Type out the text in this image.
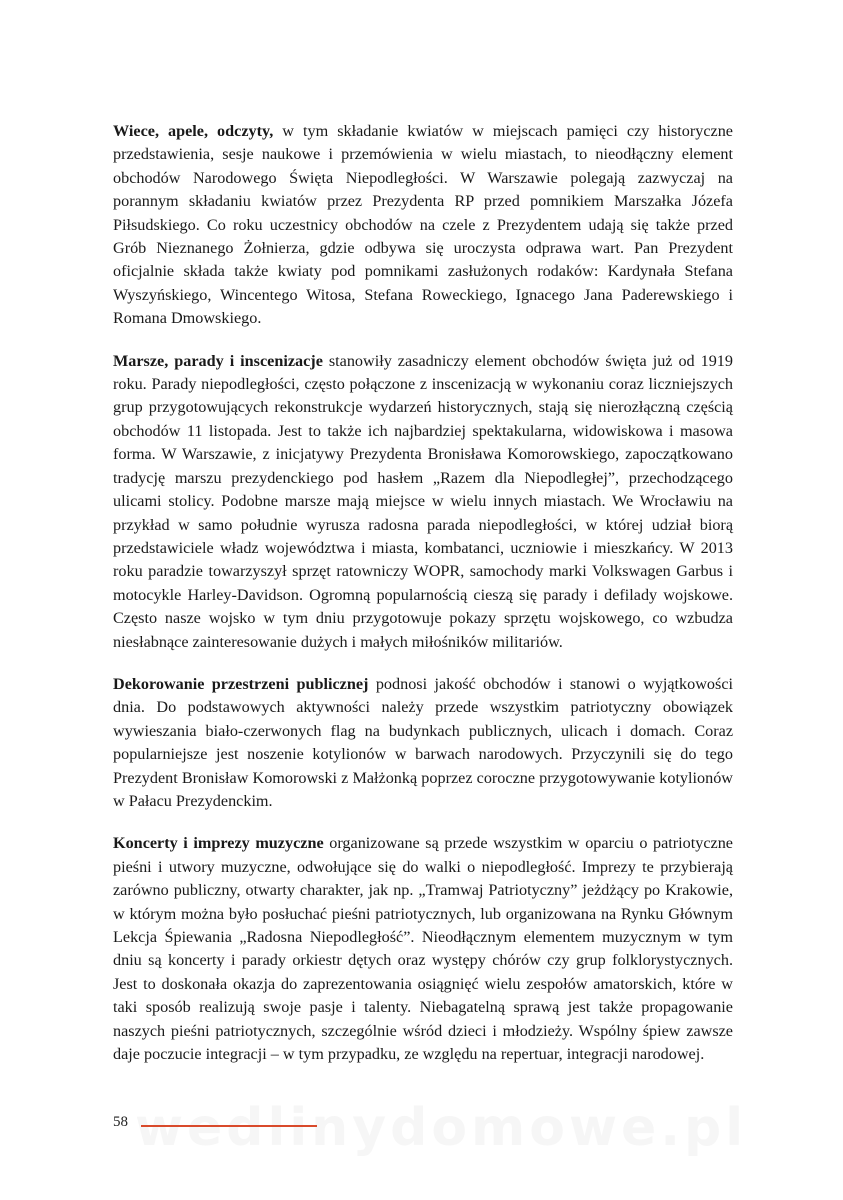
Wiece, apele, odczyty, w tym składanie kwiatów w miejscach pamięci czy historyczne przedstawienia, sesje naukowe i przemówienia w wielu miastach, to nieodłączny element obchodów Narodowego Święta Niepodległości. W Warszawie polegają zazwyczaj na porannym składaniu kwiatów przez Prezydenta RP przed pomnikiem Marszałka Józefa Piłsudskiego. Co roku uczestnicy obchodów na czele z Prezydentem udają się także przed Grób Nieznanego Żołnierza, gdzie odbywa się uroczysta odprawa wart. Pan Prezydent oficjalnie składa także kwiaty pod pomnikami zasłużonych rodaków: Kardynała Stefana Wyszyńskiego, Wincentego Witosa, Stefana Roweckiego, Ignacego Jana Paderewskiego i Romana Dmowskiego.

Marsze, parady i inscenizacje stanowiły zasadniczy element obchodów święta już od 1919 roku. Parady niepodległości, często połączone z inscenizacją w wykonaniu coraz liczniejszych grup przygotowujących rekonstrukcje wydarzeń historycznych, stają się nierozłączną częścią obchodów 11 listopada. Jest to także ich najbardziej spektakularna, widowiskowa i masowa forma. W Warszawie, z inicjatywy Prezydenta Bronisława Komorowskiego, zapoczątkowano tradycję marszu prezydenckiego pod hasłem „Razem dla Niepodległej”, przechodzącego ulicami stolicy. Podobne marsze mają miejsce w wielu innych miastach. We Wrocławiu na przykład w samo południe wyrusza radosna parada niepodległości, w której udział biorą przedstawiciele władz województwa i miasta, kombatanci, uczniowie i mieszkańcy. W 2013 roku paradzie towarzyszył sprzęt ratowniczy WOPR, samochody marki Volkswagen Garbus i motocykle Harley-Davidson. Ogromną popularnością cieszą się parady i defilady wojskowe. Często nasze wojsko w tym dniu przygotowuje pokazy sprzętu wojskowego, co wzbudza niesłabnące zainteresowanie dużych i małych miłośników militariów.

Dekorowanie przestrzeni publicznej podnosi jakość obchodów i stanowi o wyjątkowości dnia. Do podstawowych aktywności należy przede wszystkim patriotyczny obowiązek wywieszania biało-czerwonych flag na budynkach publicznych, ulicach i domach. Coraz popularniejsze jest noszenie kotylionów w barwach narodowych. Przyczynili się do tego Prezydent Bronisław Komorowski z Małżonką poprzez coroczne przygotowywanie kotylionów w Pałacu Prezydenckim.

Koncerty i imprezy muzyczne organizowane są przede wszystkim w oparciu o patriotyczne pieśni i utwory muzyczne, odwołujące się do walki o niepodległość. Imprezy te przybierają zarówno publiczny, otwarty charakter, jak np. „Tramwaj Patriotyczny” jeżdżący po Krakowie, w którym można było posłuchać pieśni patriotycznych, lub organizowana na Rynku Głównym Lekcja Śpiewania „Radosna Niepodległość”. Nieodłącznym elementem muzycznym w tym dniu są koncerty i parady orkiestr dętych oraz występy chórów czy grup folklorystycznych. Jest to doskonała okazja do zaprezentowania osiągnięć wielu zespołów amatorskich, które w taki sposób realizują swoje pasje i talenty. Niebagatelną sprawą jest także propagowanie naszych pieśni patriotycznych, szczególnie wśród dzieci i młodzieży. Wspólny śpiew zawsze daje poczucie integracji – w tym przypadku, ze względu na repertuar, integracji narodowej.

wedlinydomowe.pl
58
